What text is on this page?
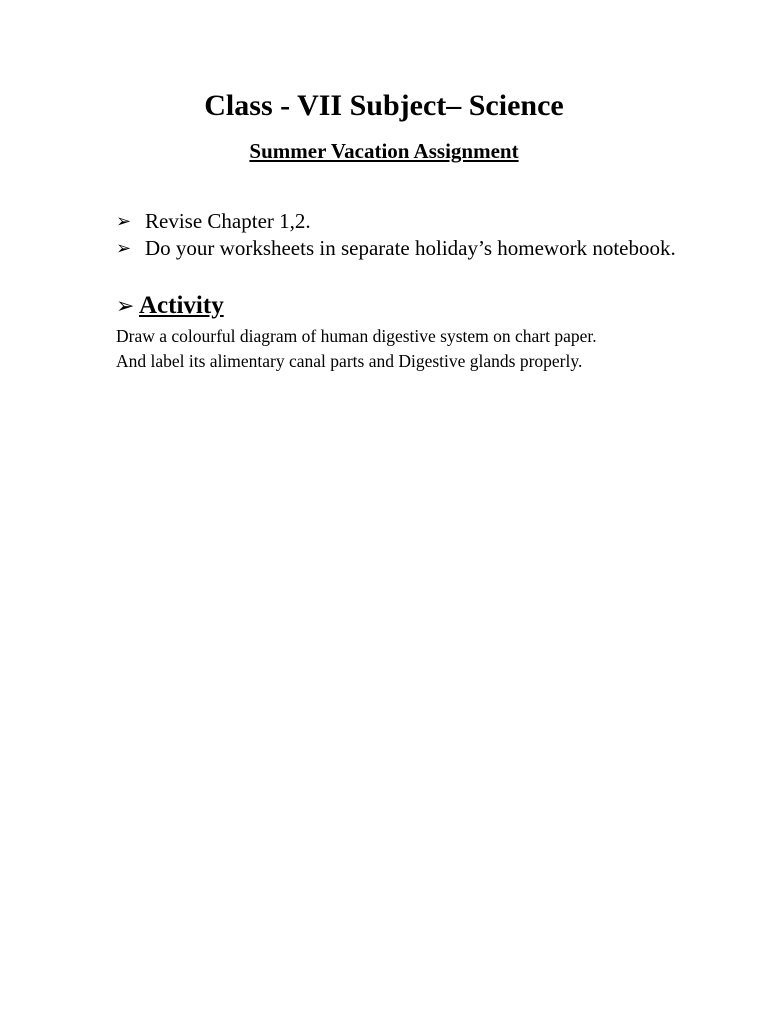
Class - VII Subject– Science
Summer Vacation Assignment
➢ Revise Chapter 1,2.
➢ Do your worksheets in separate holiday’s homework notebook.
➢ Activity
Draw a colourful diagram of human digestive system on chart paper.
And label its alimentary canal parts and Digestive glands properly.
